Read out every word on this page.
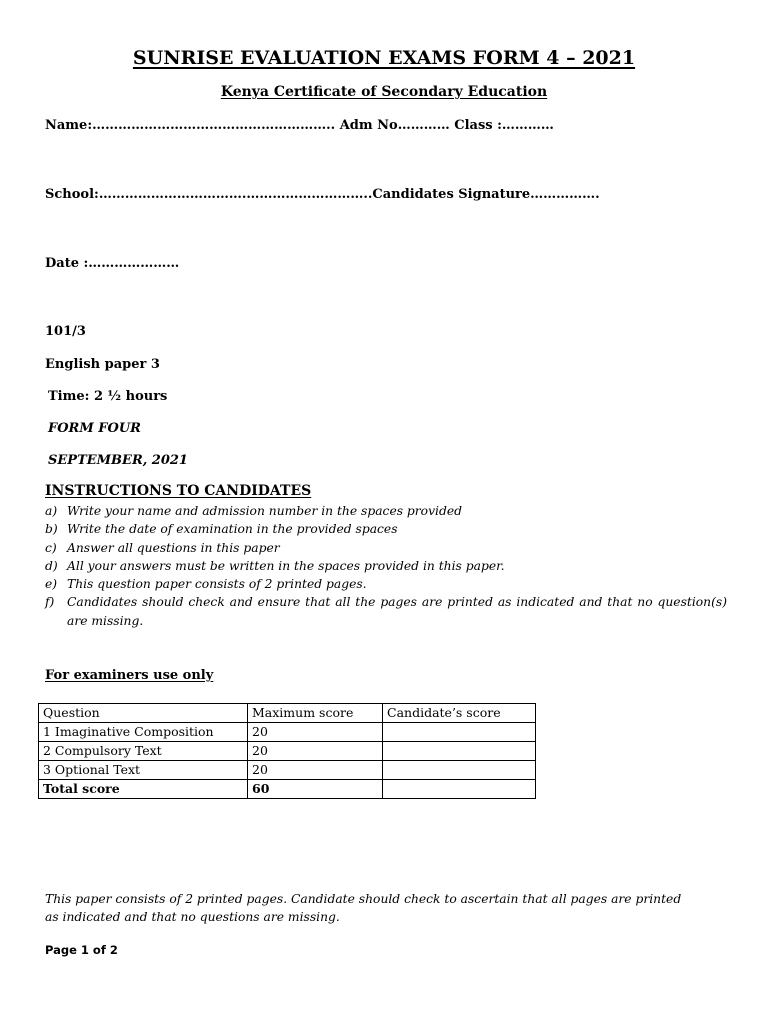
SUNRISE EVALUATION EXAMS FORM 4 – 2021
Kenya Certificate of Secondary Education
Name:……………………………………………….. Adm No………… Class :…………
School:…………………………….………………………..Candidates Signature…………….
Date :…………………
101/3
English paper 3
Time: 2 ½ hours
FORM FOUR
SEPTEMBER, 2021
INSTRUCTIONS TO CANDIDATES
a) Write your name and admission number in the spaces provided
b) Write the date of examination in the provided spaces
c) Answer all questions in this paper
d) All your answers must be written in the spaces provided in this paper.
e) This question paper consists of 2 printed pages.
f)	Candidates should check and ensure that all the pages are printed as indicated and that no question(s) are missing.
For examiners use only
Question	Maximum score	Candidate’s score
1 Imaginative Composition	20	
2 Compulsory Text	20	
3 Optional Text	20	
Total score	60	
This paper consists of 2 printed pages. Candidate should check to ascertain that all pages are printed as indicated and that no questions are missing.
Page 1 of 2
